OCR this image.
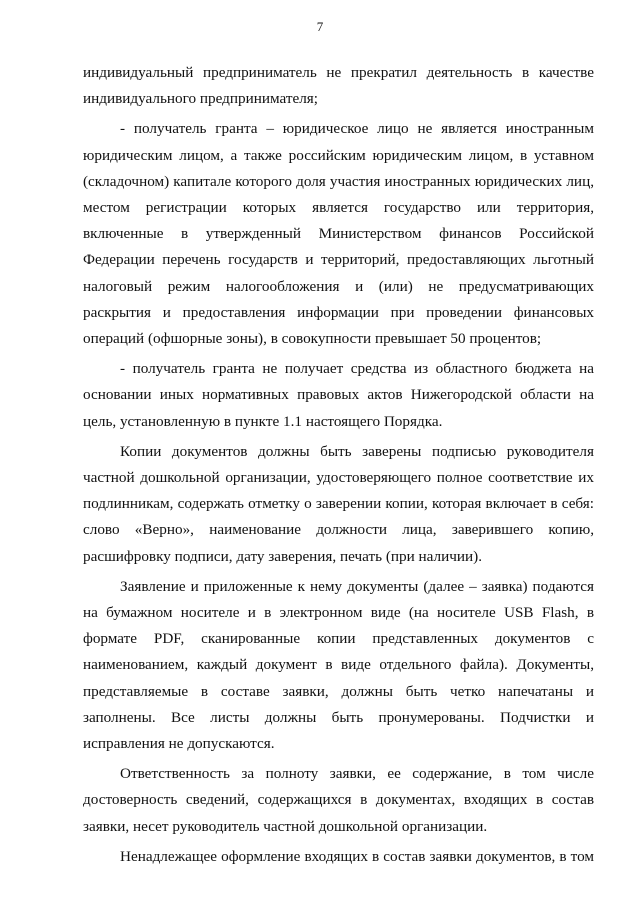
7

индивидуальный предприниматель не прекратил деятельность в качестве индивидуального предпринимателя;

- получатель гранта – юридическое лицо не является иностранным юридическим лицом, а также российским юридическим лицом, в уставном (складочном) капитале которого доля участия иностранных юридических лиц, местом регистрации которых является государство или территория, включенные в утвержденный Министерством финансов Российской Федерации перечень государств и территорий, предоставляющих льготный налоговый режим налогообложения и (или) не предусматривающих раскрытия и предоставления информации при проведении финансовых операций (офшорные зоны), в совокупности превышает 50 процентов;

- получатель гранта не получает средства из областного бюджета на основании иных нормативных правовых актов Нижегородской области на цель, установленную в пункте 1.1 настоящего Порядка.

Копии документов должны быть заверены подписью руководителя частной дошкольной организации, удостоверяющего полное соответствие их подлинникам, содержать отметку о заверении копии, которая включает в себя: слово «Верно», наименование должности лица, заверившего копию, расшифровку подписи, дату заверения, печать (при наличии).

Заявление и приложенные к нему документы (далее – заявка) подаются на бумажном носителе и в электронном виде (на носителе USB Flash, в формате PDF, сканированные копии представленных документов с наименованием, каждый документ в виде отдельного файла). Документы, представляемые в составе заявки, должны быть четко напечатаны и заполнены. Все листы должны быть пронумерованы. Подчистки и исправления не допускаются.

Ответственность за полноту заявки, ее содержание, в том числе достоверность сведений, содержащихся в документах, входящих в состав заявки, несет руководитель частной дошкольной организации.

Ненадлежащее оформление входящих в состав заявки документов, в том
